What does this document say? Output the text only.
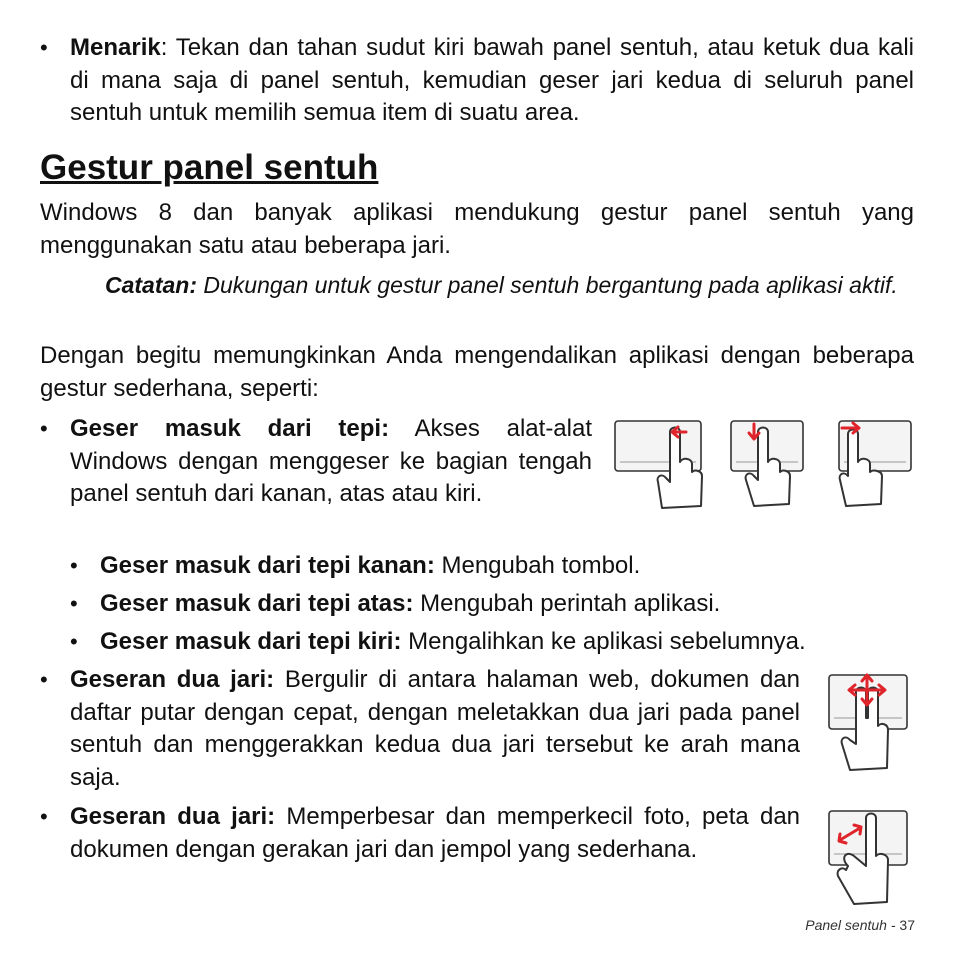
• Menarik: Tekan dan tahan sudut kiri bawah panel sentuh, atau ketuk dua kali di mana saja di panel sentuh, kemudian geser jari kedua di seluruh panel sentuh untuk memilih semua item di suatu area.

Gestur panel sentuh

Windows 8 dan banyak aplikasi mendukung gestur panel sentuh yang menggunakan satu atau beberapa jari.

Catatan: Dukungan untuk gestur panel sentuh bergantung pada aplikasi aktif.

Dengan begitu memungkinkan Anda mengendalikan aplikasi dengan beberapa gestur sederhana, seperti:

• Geser masuk dari tepi: Akses alat-alat Windows dengan menggeser ke bagian tengah panel sentuh dari kanan, atas atau kiri.

• Geser masuk dari tepi kanan: Mengubah tombol.

• Geser masuk dari tepi atas: Mengubah perintah aplikasi.

• Geser masuk dari tepi kiri: Mengalihkan ke aplikasi sebelumnya.

• Geseran dua jari: Bergulir di antara halaman web, dokumen dan daftar putar dengan cepat, dengan meletakkan dua jari pada panel sentuh dan menggerakkan kedua dua jari tersebut ke arah mana saja.

• Geseran dua jari: Memperbesar dan memperkecil foto, peta dan dokumen dengan gerakan jari dan jempol yang sederhana.

Panel sentuh - 37
